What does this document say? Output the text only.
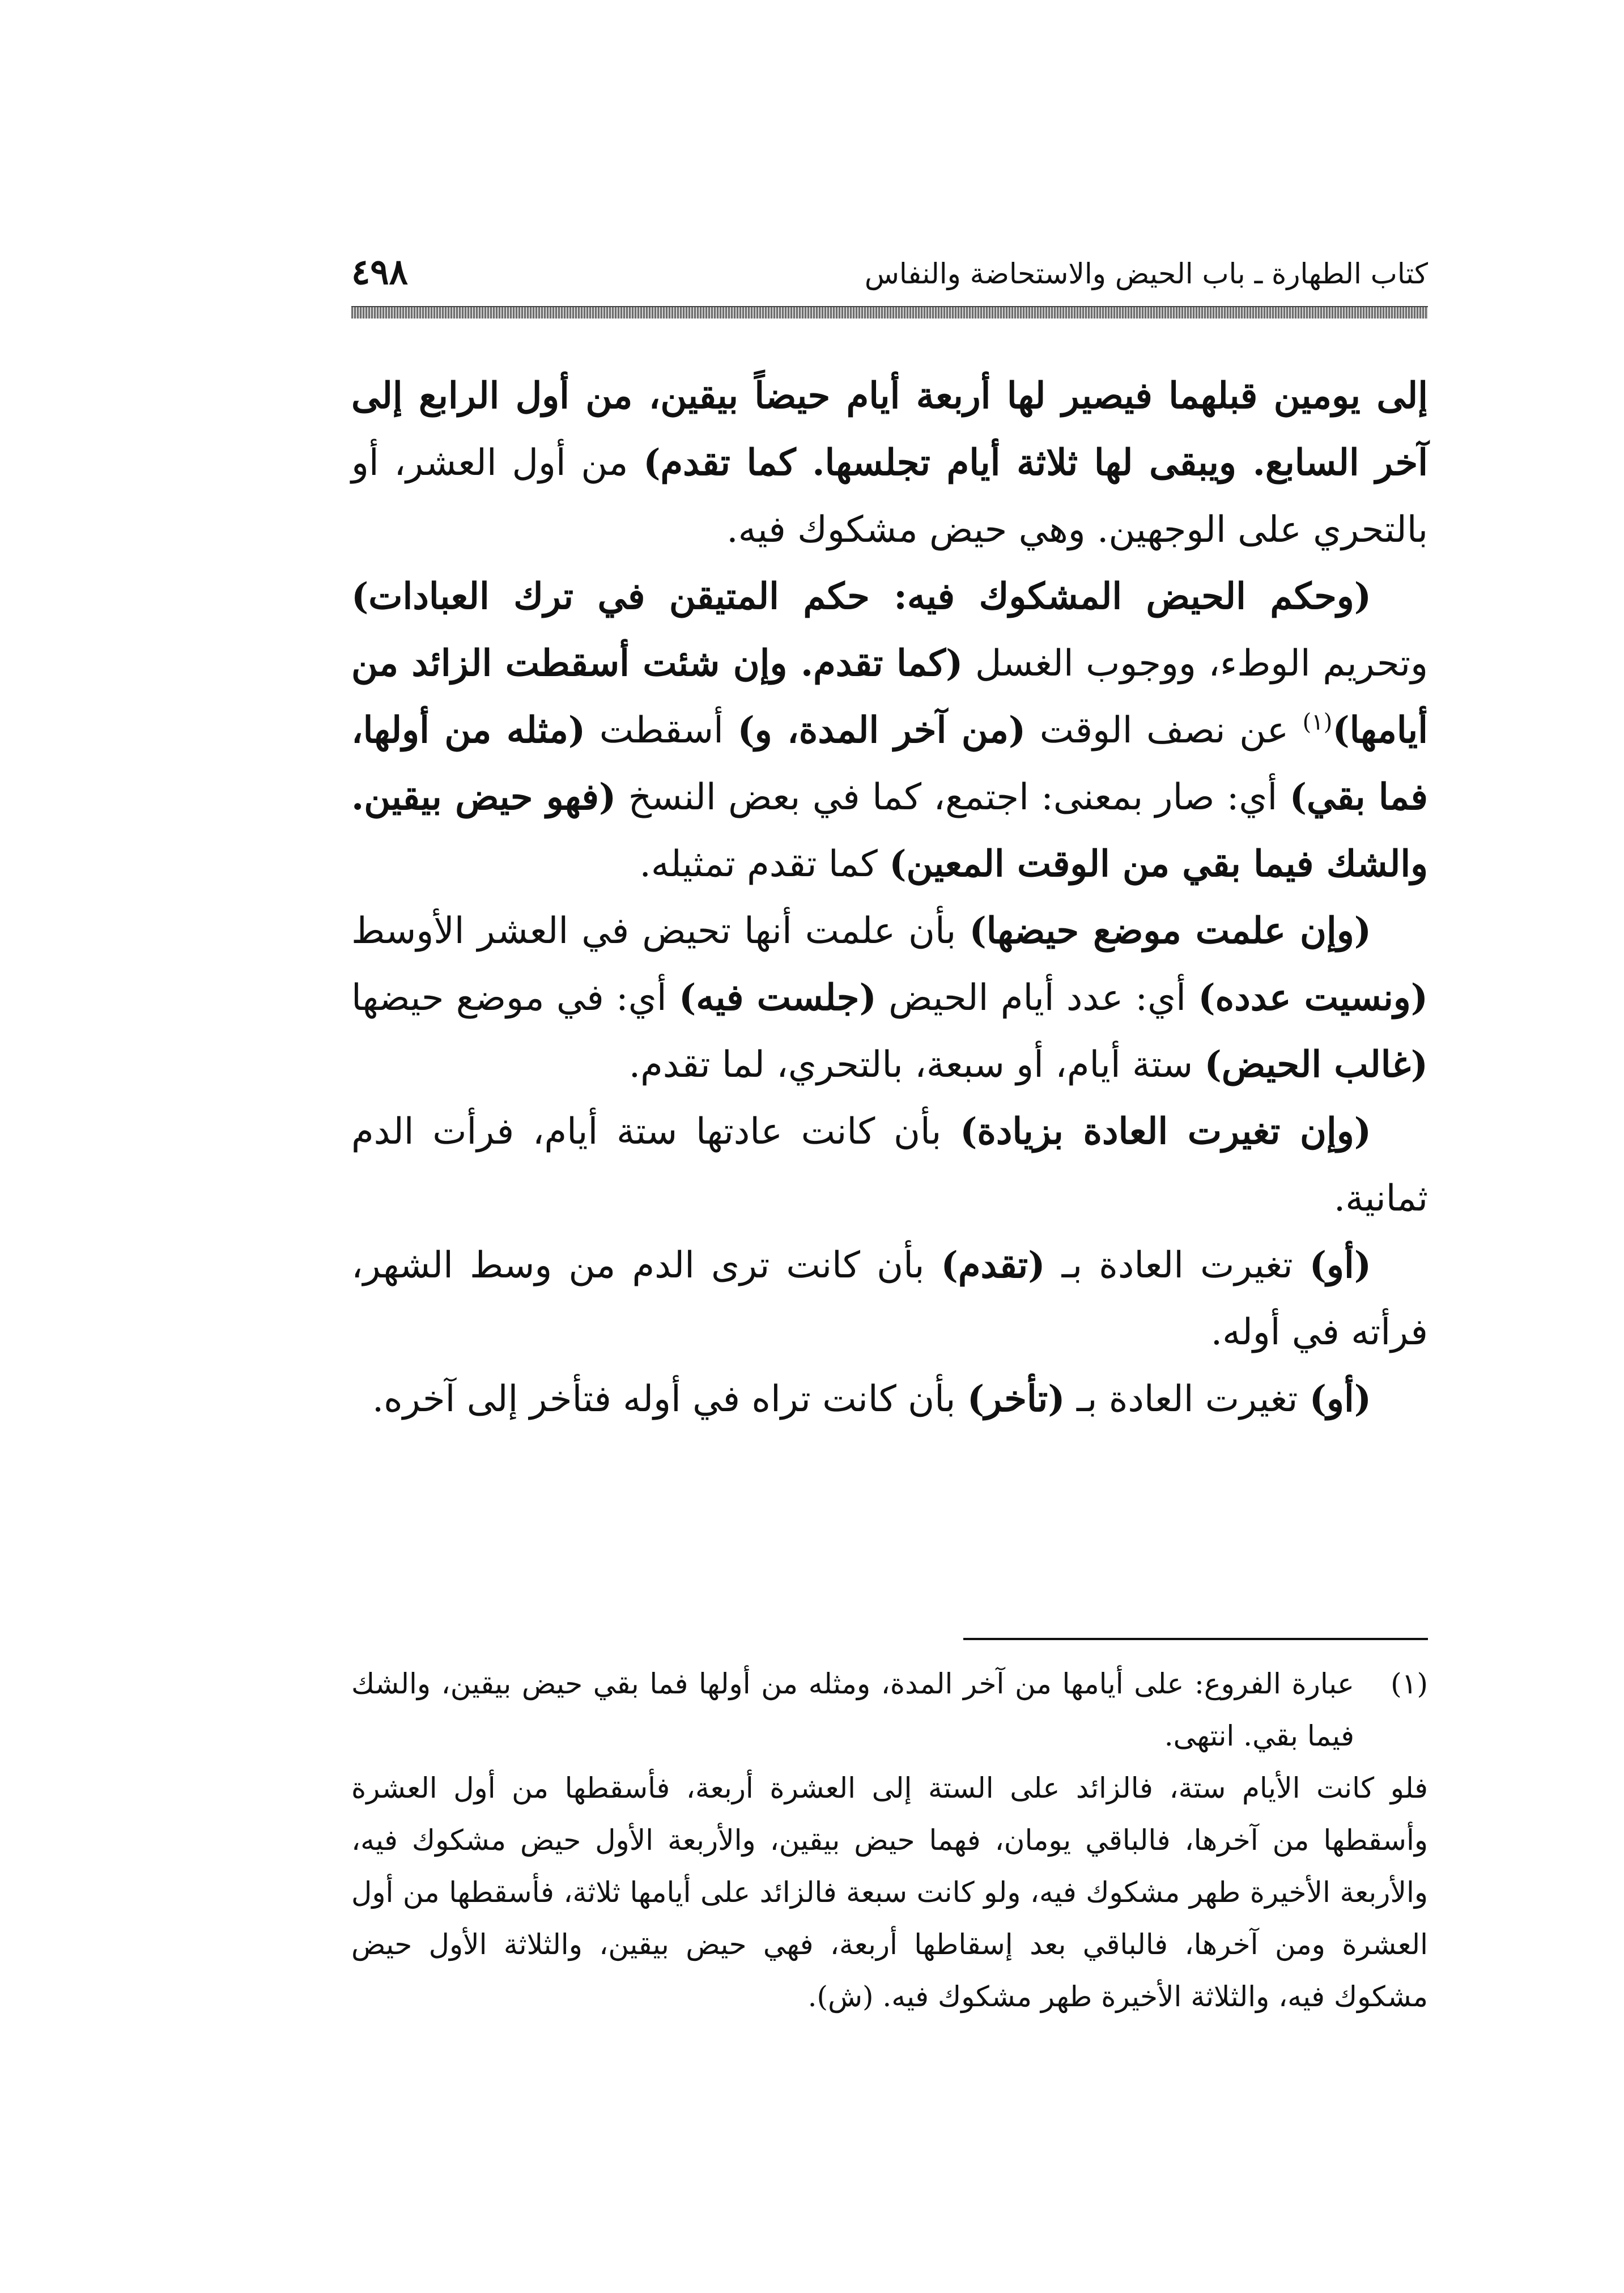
كتاب الطهارة ـ باب الحيض والاستحاضة والنفاس
٤٩٨

إلى يومين قبلهما فيصير لها أربعة أيام حيضاً بيقين، من أول الرابع إلى آخر السابع. ويبقى لها ثلاثة أيام تجلسها. كما تقدم) من أول العشر، أو بالتحري على الوجهين. وهي حيض مشكوك فيه.

(وحكم الحيض المشكوك فيه: حكم المتيقن في ترك العبادات) وتحريم الوطء، ووجوب الغسل (كما تقدم. وإن شئت أسقطت الزائد من أيامها)$^{(١)}$ عن نصف الوقت (من آخر المدة، و) أسقطت (مثله من أولها، فما بقي) أي: صار بمعنى: اجتمع، كما في بعض النسخ (فهو حيض بيقين. والشك فيما بقي من الوقت المعين) كما تقدم تمثيله.

(وإن علمت موضع حيضها) بأن علمت أنها تحيض في العشر الأوسط (ونسيت عدده) أي: عدد أيام الحيض (جلست فيه) أي: في موضع حيضها (غالب الحيض) ستة أيام، أو سبعة، بالتحري، لما تقدم.

(وإن تغيرت العادة بزيادة) بأن كانت عادتها ستة أيام، فرأت الدم ثمانية.

(أو) تغيرت العادة بـ (تقدم) بأن كانت ترى الدم من وسط الشهر، فرأته في أوله.

(أو) تغيرت العادة بـ (تأخر) بأن كانت تراه في أوله فتأخر إلى آخره.

(١)

عبارة الفروع: على أيامها من آخر المدة، ومثله من أولها فما بقي حيض بيقين، والشك فيما بقي. انتهى.

فلو كانت الأيام ستة، فالزائد على الستة إلى العشرة أربعة، فأسقطها من أول العشرة وأسقطها من آخرها، فالباقي يومان، فهما حيض بيقين، والأربعة الأول حيض مشكوك فيه، والأربعة الأخيرة طهر مشكوك فيه، ولو كانت سبعة فالزائد على أيامها ثلاثة، فأسقطها من أول العشرة ومن آخرها، فالباقي بعد إسقاطها أربعة، فهي حيض بيقين، والثلاثة الأول حيض مشكوك فيه، والثلاثة الأخيرة طهر مشكوك فيه. (ش).
